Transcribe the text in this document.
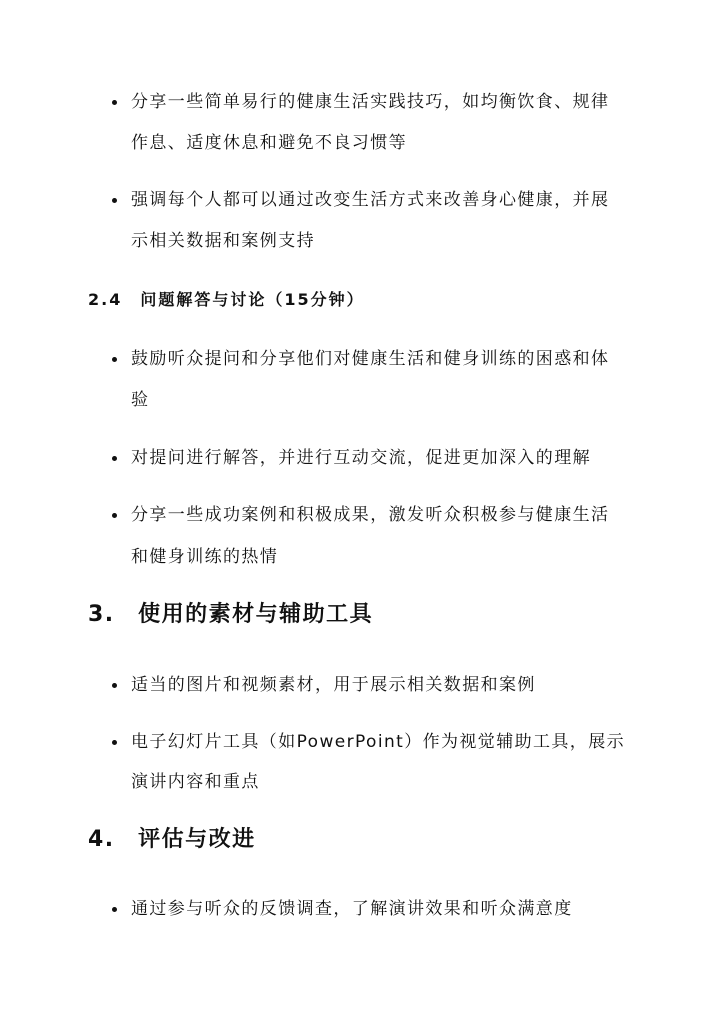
分享一些简单易行的健康生活实践技巧，如均衡饮食、规律
作息、适度休息和避免不良习惯等
强调每个人都可以通过改变生活方式来改善身心健康，并展
示相关数据和案例支持
2.4　问题解答与讨论（15分钟）
鼓励听众提问和分享他们对健康生活和健身训练的困惑和体
验
对提问进行解答，并进行互动交流，促进更加深入的理解
分享一些成功案例和积极成果，激发听众积极参与健康生活
和健身训练的热情
3.　使用的素材与辅助工具
适当的图片和视频素材，用于展示相关数据和案例
电子幻灯片工具（如PowerPoint）作为视觉辅助工具，展示
演讲内容和重点
4.　评估与改进
通过参与听众的反馈调查，了解演讲效果和听众满意度
